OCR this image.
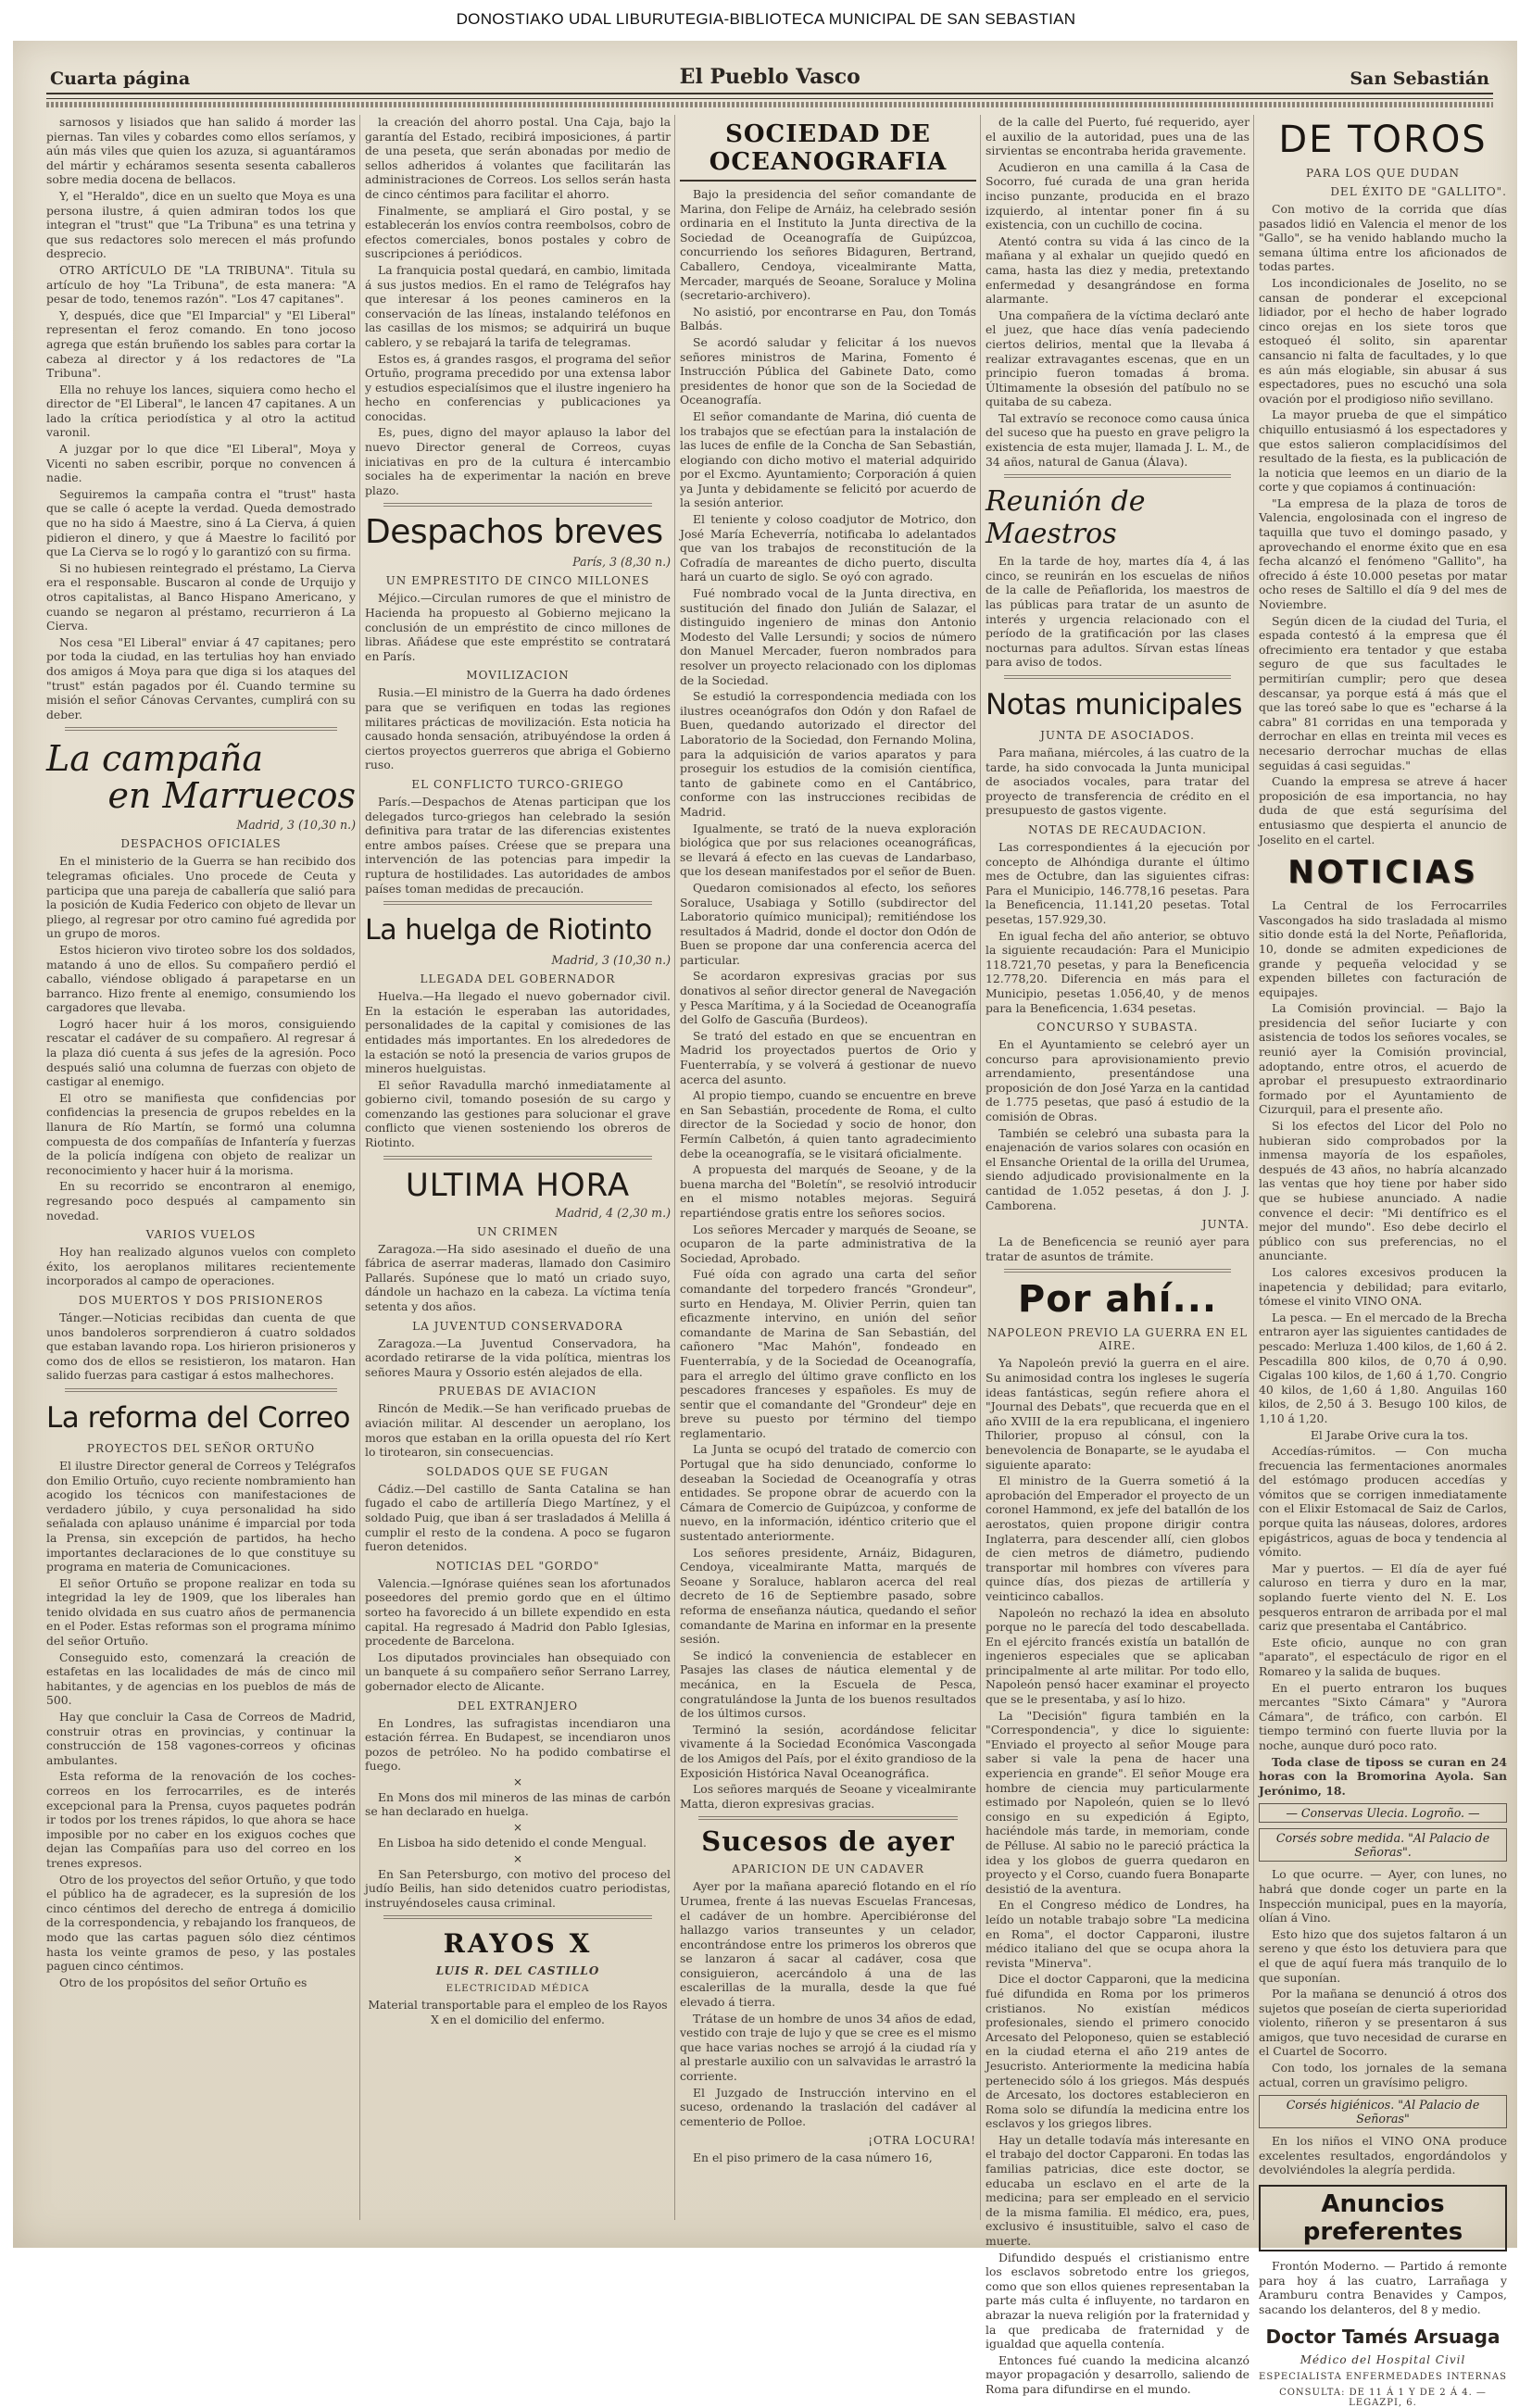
DONOSTIAKO UDAL LIBURUTEGIA-BIBLIOTECA MUNICIPAL DE SAN SEBASTIAN
Cuarta página	El Pueblo Vasco	San Sebastián

sarnosos y lisiados que han salido á morder las piernas. Tan viles y cobardes como ellos seríamos, y aún más viles que quien los azuza, si aguantáramos del mártir y echáramos sesenta sesenta caballeros sobre media docena de bellacos.

Y, el "Heraldo", dice en un suelto que Moya es una persona ilustre, á quien admiran todos los que integran el "trust" que "La Tribuna" es una tetrina y que sus redactores solo merecen el más profundo desprecio.

OTRO ARTÍCULO DE "LA TRIBUNA". Titula su artículo de hoy "La Tribuna", de esta manera: "A pesar de todo, tenemos razón". "Los 47 capitanes".

Y, después, dice que "El Imparcial" y "El Liberal" representan el feroz comando. En tono jocoso agrega que están bruñendo los sables para cortar la cabeza al director y á los redactores de "La Tribuna".

Ella no rehuye los lances, siquiera como hecho el director de "El Liberal", le lancen 47 capitanes. A un lado la crítica periodística y al otro la actitud varonil.

A juzgar por lo que dice "El Liberal", Moya y Vicenti no saben escribir, porque no convencen á nadie.

Seguiremos la campaña contra el "trust" hasta que se calle ó acepte la verdad. Queda demostrado que no ha sido á Maestre, sino á La Cierva, á quien pidieron el dinero, y que á Maestre lo facilitó por que La Cierva se lo rogó y lo garantizó con su firma.

Si no hubiesen reintegrado el préstamo, La Cierva era el responsable. Buscaron al conde de Urquijo y otros capitalistas, al Banco Hispano Americano, y cuando se negaron al préstamo, recurrieron á La Cierva.

Nos cesa "El Liberal" enviar á 47 capitanes; pero por toda la ciudad, en las tertulias hoy han enviado dos amigos á Moya para que diga si los ataques del "trust" están pagados por él. Cuando termine su misión el señor Cánovas Cervantes, cumplirá con su deber.

La campaña
en Marruecos
Madrid, 3 (10,30 n.)
DESPACHOS OFICIALES

En el ministerio de la Guerra se han recibido dos telegramas oficiales. Uno procede de Ceuta y participa que una pareja de caballería que salió para la posición de Kudia Federico con objeto de llevar un pliego, al regresar por otro camino fué agredida por un grupo de moros.

Estos hicieron vivo tiroteo sobre los dos soldados, matando á uno de ellos. Su compañero perdió el caballo, viéndose obligado á parapetarse en un barranco. Hizo frente al enemigo, consumiendo los cargadores que llevaba.

Logró hacer huir á los moros, consiguiendo rescatar el cadáver de su compañero. Al regresar á la plaza dió cuenta á sus jefes de la agresión. Poco después salió una columna de fuerzas con objeto de castigar al enemigo.

El otro se manifiesta que confidencias por confidencias la presencia de grupos rebeldes en la llanura de Río Martín, se formó una columna compuesta de dos compañías de Infantería y fuerzas de la policía indígena con objeto de realizar un reconocimiento y hacer huir á la morisma.

En su recorrido se encontraron al enemigo, regresando poco después al campamento sin novedad.

VARIOS VUELOS

Hoy han realizado algunos vuelos con completo éxito, los aeroplanos militares recientemente incorporados al campo de operaciones.

DOS MUERTOS Y DOS PRISIONEROS

Tánger.—Noticias recibidas dan cuenta de que unos bandoleros sorprendieron á cuatro soldados que estaban lavando ropa. Los hirieron prisioneros y como dos de ellos se resistieron, los mataron. Han salido fuerzas para castigar á estos malhechores.

La reforma del Correo
PROYECTOS DEL SEÑOR ORTUÑO

El ilustre Director general de Correos y Telégrafos don Emilio Ortuño, cuyo reciente nombramiento han acogido los técnicos con manifestaciones de verdadero júbilo, y cuya personalidad ha sido señalada con aplauso unánime é imparcial por toda la Prensa, sin excepción de partidos, ha hecho importantes declaraciones de lo que constituye su programa en materia de Comunicaciones.

El señor Ortuño se propone realizar en toda su integridad la ley de 1909, que los liberales han tenido olvidada en sus cuatro años de permanencia en el Poder. Estas reformas son el programa mínimo del señor Ortuño.

Conseguido esto, comenzará la creación de estafetas en las localidades de más de cinco mil habitantes, y de agencias en los pueblos de más de 500.

Hay que concluir la Casa de Correos de Madrid, construir otras en provincias, y continuar la construcción de 158 vagones-correos y oficinas ambulantes.

Esta reforma de la renovación de los coches-correos en los ferrocarriles, es de interés excepcional para la Prensa, cuyos paquetes podrán ir todos por los trenes rápidos, lo que ahora se hace imposible por no caber en los exiguos coches que dejan las Compañías para uso del correo en los trenes expresos.

Otro de los proyectos del señor Ortuño, y que todo el público ha de agradecer, es la supresión de los cinco céntimos del derecho de entrega á domicilio de la correspondencia, y rebajando los franqueos, de modo que las cartas paguen sólo diez céntimos hasta los veinte gramos de peso, y las postales paguen cinco céntimos.

Otro de los propósitos del señor Ortuño es

la creación del ahorro postal. Una Caja, bajo la garantía del Estado, recibirá imposiciones, á partir de una peseta, que serán abonadas por medio de sellos adheridos á volantes que facilitarán las administraciones de Correos. Los sellos serán hasta de cinco céntimos para facilitar el ahorro.

Finalmente, se ampliará el Giro postal, y se establecerán los envíos contra reembolsos, cobro de efectos comerciales, bonos postales y cobro de suscripciones á periódicos.

La franquicia postal quedará, en cambio, limitada á sus justos medios. En el ramo de Telégrafos hay que interesar á los peones camineros en la conservación de las líneas, instalando teléfonos en las casillas de los mismos; se adquirirá un buque cablero, y se rebajará la tarifa de telegramas.

Estos es, á grandes rasgos, el programa del señor Ortuño, programa precedido por una extensa labor y estudios especialísimos que el ilustre ingeniero ha hecho en conferencias y publicaciones ya conocidas.

Es, pues, digno del mayor aplauso la labor del nuevo Director general de Correos, cuyas iniciativas en pro de la cultura é intercambio sociales ha de experimentar la nación en breve plazo.

Despachos breves
París, 3 (8,30 n.)
UN EMPRESTITO DE CINCO MILLONES

Méjico.—Circulan rumores de que el ministro de Hacienda ha propuesto al Gobierno mejicano la conclusión de un empréstito de cinco millones de libras. Añádese que este empréstito se contratará en París.

MOVILIZACION

Rusia.—El ministro de la Guerra ha dado órdenes para que se verifiquen en todas las regiones militares prácticas de movilización. Esta noticia ha causado honda sensación, atribuyéndose la orden á ciertos proyectos guerreros que abriga el Gobierno ruso.

EL CONFLICTO TURCO-GRIEGO

París.—Despachos de Atenas participan que los delegados turco-griegos han celebrado la sesión definitiva para tratar de las diferencias existentes entre ambos países. Créese que se prepara una intervención de las potencias para impedir la ruptura de hostilidades. Las autoridades de ambos países toman medidas de precaución.

La huelga de Riotinto
Madrid, 3 (10,30 n.)
LLEGADA DEL GOBERNADOR

Huelva.—Ha llegado el nuevo gobernador civil. En la estación le esperaban las autoridades, personalidades de la capital y comisiones de las entidades más importantes. En los alrededores de la estación se notó la presencia de varios grupos de mineros huelguistas.

El señor Ravadulla marchó inmediatamente al gobierno civil, tomando posesión de su cargo y comenzando las gestiones para solucionar el grave conflicto que vienen sosteniendo los obreros de Riotinto.

ULTIMA HORA
Madrid, 4 (2,30 m.)
UN CRIMEN

Zaragoza.—Ha sido asesinado el dueño de una fábrica de aserrar maderas, llamado don Casimiro Pallarés. Supónese que lo mató un criado suyo, dándole un hachazo en la cabeza. La víctima tenía setenta y dos años.

LA JUVENTUD CONSERVADORA

Zaragoza.—La Juventud Conservadora, ha acordado retirarse de la vida política, mientras los señores Maura y Ossorio estén alejados de ella.

PRUEBAS DE AVIACION

Rincón de Medik.—Se han verificado pruebas de aviación militar. Al descender un aeroplano, los moros que estaban en la orilla opuesta del río Kert lo tirotearon, sin consecuencias.

SOLDADOS QUE SE FUGAN

Cádiz.—Del castillo de Santa Catalina se han fugado el cabo de artillería Diego Martínez, y el soldado Puig, que iban á ser trasladados á Melilla á cumplir el resto de la condena. A poco se fugaron fueron detenidos.

NOTICIAS DEL "GORDO"

Valencia.—Ignórase quiénes sean los afortunados poseedores del premio gordo que en el último sorteo ha favorecido á un billete expendido en esta capital. Ha regresado á Madrid don Pablo Iglesias, procedente de Barcelona.

Los diputados provinciales han obsequiado con un banquete á su compañero señor Serrano Larrey, gobernador electo de Alicante.

DEL EXTRANJERO

En Londres, las sufragistas incendiaron una estación férrea. En Budapest, se incendiaron unos pozos de petróleo. No ha podido combatirse el fuego.

×

En Mons dos mil mineros de las minas de carbón se han declarado en huelga.

×

En Lisboa ha sido detenido el conde Mengual.

×

En San Petersburgo, con motivo del proceso del judío Beilis, han sido detenidos cuatro periodistas, instruyéndoseles causa criminal.

RAYOS X
LUIS R. DEL CASTILLO
ELECTRICIDAD MÉDICA

Material transportable para el empleo de los Rayos X en el domicilio del enfermo.

SOCIEDAD DE OCEANOGRAFIA

Bajo la presidencia del señor comandante de Marina, don Felipe de Arnáiz, ha celebrado sesión ordinaria en el Instituto la Junta directiva de la Sociedad de Oceanografía de Guipúzcoa, concurriendo los señores Bidaguren, Bertrand, Caballero, Cendoya, vicealmirante Matta, Mercader, marqués de Seoane, Soraluce y Molina (secretario-archivero).

No asistió, por encontrarse en Pau, don Tomás Balbás.

Se acordó saludar y felicitar á los nuevos señores ministros de Marina, Fomento é Instrucción Pública del Gabinete Dato, como presidentes de honor que son de la Sociedad de Oceanografía.

El señor comandante de Marina, dió cuenta de los trabajos que se efectúan para la instalación de las luces de enfile de la Concha de San Sebastián, elogiando con dicho motivo el material adquirido por el Excmo. Ayuntamiento; Corporación á quien ya Junta y debidamente se felicitó por acuerdo de la sesión anterior.

El teniente y coloso coadjutor de Motrico, don José María Echeverría, notificaba lo adelantados que van los trabajos de reconstitución de la Cofradía de mareantes de dicho puerto, disculta hará un cuarto de siglo. Se oyó con agrado.

Fué nombrado vocal de la Junta directiva, en sustitución del finado don Julián de Salazar, el distinguido ingeniero de minas don Antonio Modesto del Valle Lersundi; y socios de número don Manuel Mercader, fueron nombrados para resolver un proyecto relacionado con los diplomas de la Sociedad.

Se estudió la correspondencia mediada con los ilustres oceanógrafos don Odón y don Rafael de Buen, quedando autorizado el director del Laboratorio de la Sociedad, don Fernando Molina, para la adquisición de varios aparatos y para proseguir los estudios de la comisión científica, tanto de gabinete como en el Cantábrico, conforme con las instrucciones recibidas de Madrid.

Igualmente, se trató de la nueva exploración biológica que por sus relaciones oceanográficas, se llevará á efecto en las cuevas de Landarbaso, que los desean manifestados por el señor de Buen.

Quedaron comisionados al efecto, los señores Soraluce, Usabiaga y Sotillo (subdirector del Laboratorio químico municipal); remitiéndose los resultados á Madrid, donde el doctor don Odón de Buen se propone dar una conferencia acerca del particular.

Se acordaron expresivas gracias por sus donativos al señor director general de Navegación y Pesca Marítima, y á la Sociedad de Oceanografía del Golfo de Gascuña (Burdeos).

Se trató del estado en que se encuentran en Madrid los proyectados puertos de Orio y Fuenterrabía, y se volverá á gestionar de nuevo acerca del asunto.

Al propio tiempo, cuando se encuentre en breve en San Sebastián, procedente de Roma, el culto director de la Sociedad y socio de honor, don Fermín Calbetón, á quien tanto agradecimiento debe la oceanografía, se le visitará oficialmente.

A propuesta del marqués de Seoane, y de la buena marcha del "Boletín", se resolvió introducir en el mismo notables mejoras. Seguirá repartiéndose gratis entre los señores socios.

Los señores Mercader y marqués de Seoane, se ocuparon de la parte administrativa de la Sociedad, Aprobado.

Fué oída con agrado una carta del señor comandante del torpedero francés "Grondeur", surto en Hendaya, M. Olivier Perrin, quien tan eficazmente intervino, en unión del señor comandante de Marina de San Sebastián, del cañonero "Mac Mahón", fondeado en Fuenterrabía, y de la Sociedad de Oceanografía, para el arreglo del último grave conflicto en los pescadores franceses y españoles. Es muy de sentir que el comandante del "Grondeur" deje en breve su puesto por término del tiempo reglamentario.

La Junta se ocupó del tratado de comercio con Portugal que ha sido denunciado, conforme lo deseaban la Sociedad de Oceanografía y otras entidades. Se propone obrar de acuerdo con la Cámara de Comercio de Guipúzcoa, y conforme de nuevo, en la información, idéntico criterio que el sustentado anteriormente.

Los señores presidente, Arnáiz, Bidaguren, Cendoya, vicealmirante Matta, marqués de Seoane y Soraluce, hablaron acerca del real decreto de 16 de Septiembre pasado, sobre reforma de enseñanza náutica, quedando el señor comandante de Marina en informar en la presente sesión.

Se indicó la conveniencia de establecer en Pasajes las clases de náutica elemental y de mecánica, en la Escuela de Pesca, congratulándose la Junta de los buenos resultados de los últimos cursos.

Terminó la sesión, acordándose felicitar vivamente á la Sociedad Económica Vascongada de los Amigos del País, por el éxito grandioso de la Exposición Histórica Naval Oceanográfica.

Los señores marqués de Seoane y vicealmirante Matta, dieron expresivas gracias.

Sucesos de ayer
APARICION DE UN CADAVER

Ayer por la mañana apareció flotando en el río Urumea, frente á las nuevas Escuelas Francesas, el cadáver de un hombre. Apercibiéronse del hallazgo varios transeuntes y un celador, encontrándose entre los primeros los obreros que se lanzaron á sacar al cadáver, cosa que consiguieron, acercándolo á una de las escalerillas de la muralla, desde la que fué elevado á tierra.

Trátase de un hombre de unos 34 años de edad, vestido con traje de lujo y que se cree es el mismo que hace varias noches se arrojó á la ciudad ría y al prestarle auxilio con un salvavidas le arrastró la corriente.

El Juzgado de Instrucción intervino en el suceso, ordenando la traslación del cadáver al cementerio de Polloe.

¡OTRA LOCURA!

En el piso primero de la casa número 16,

de la calle del Puerto, fué requerido, ayer el auxilio de la autoridad, pues una de las sirvientas se encontraba herida gravemente.

Acudieron en una camilla á la Casa de Socorro, fué curada de una gran herida inciso punzante, producida en el brazo izquierdo, al intentar poner fin á su existencia, con un cuchillo de cocina.

Atentó contra su vida á las cinco de la mañana y al exhalar un quejido quedó en cama, hasta las diez y media, pretextando enfermedad y desangrándose en forma alarmante.

Una compañera de la víctima declaró ante el juez, que hace días venía padeciendo ciertos delirios, mental que la llevaba á realizar extravagantes escenas, que en un principio fueron tomadas á broma. Últimamente la obsesión del patíbulo no se quitaba de su cabeza.

Tal extravío se reconoce como causa única del suceso que ha puesto en grave peligro la existencia de esta mujer, llamada J. L. M., de 34 años, natural de Ganua (Álava).

Reunión de Maestros

En la tarde de hoy, martes día 4, á las cinco, se reunirán en los escuelas de niños de la calle de Peñaflorida, los maestros de las públicas para tratar de un asunto de interés y urgencia relacionado con el período de la gratificación por las clases nocturnas para adultos. Sírvan estas líneas para aviso de todos.

Notas municipales
JUNTA DE ASOCIADOS.

Para mañana, miércoles, á las cuatro de la tarde, ha sido convocada la Junta municipal de asociados vocales, para tratar del proyecto de transferencia de crédito en el presupuesto de gastos vigente.

NOTAS DE RECAUDACION.

Las correspondientes á la ejecución por concepto de Alhóndiga durante el último mes de Octubre, dan las siguientes cifras: Para el Municipio, 146.778,16 pesetas. Para la Beneficencia, 11.141,20 pesetas. Total pesetas, 157.929,30.

En igual fecha del año anterior, se obtuvo la siguiente recaudación: Para el Municipio 118.721,70 pesetas, y para la Beneficencia 12.778,20. Diferencia en más para el Municipio, pesetas 1.056,40, y de menos para la Beneficencia, 1.634 pesetas.

CONCURSO Y SUBASTA.

En el Ayuntamiento se celebró ayer un concurso para aprovisionamiento previo arrendamiento, presentándose una proposición de don José Yarza en la cantidad de 1.775 pesetas, que pasó á estudio de la comisión de Obras.

También se celebró una subasta para la enajenación de varios solares con ocasión en el Ensanche Oriental de la orilla del Urumea, siendo adjudicado provisionalmente en la cantidad de 1.052 pesetas, á don J. J. Camborena.

JUNTA.

La de Beneficencia se reunió ayer para tratar de asuntos de trámite.

Por ahí...
NAPOLEON PREVIO LA GUERRA EN EL AIRE.

Ya Napoleón previó la guerra en el aire. Su animosidad contra los ingleses le sugería ideas fantásticas, según refiere ahora el "Journal des Debats", que recuerda que en el año XVIII de la era republicana, el ingeniero Thilorier, propuso al cónsul, con la benevolencia de Bonaparte, se le ayudaba el siguiente aparato:

El ministro de la Guerra sometió á la aprobación del Emperador el proyecto de un coronel Hammond, ex jefe del batallón de los aerostatos, quien propone dirigir contra Inglaterra, para descender allí, cien globos de cien metros de diámetro, pudiendo transportar mil hombres con víveres para quince días, dos piezas de artillería y veinticinco caballos.

Napoleón no rechazó la idea en absoluto porque no le parecía del todo descabellada. En el ejército francés existía un batallón de ingenieros especiales que se aplicaban principalmente al arte militar. Por todo ello, Napoleón pensó hacer examinar el proyecto que se le presentaba, y así lo hizo.

La "Decisión" figura también en la "Correspondencia", y dice lo siguiente: "Enviado el proyecto al señor Mouge para saber si vale la pena de hacer una experiencia en grande". El señor Mouge era hombre de ciencia muy particularmente estimado por Napoleón, quien se lo llevó consigo en su expedición á Egipto, haciéndole más tarde, in memoriam, conde de Pélluse. Al sabio no le pareció práctica la idea y los globos de guerra quedaron en proyecto y el Corso, cuando fuera Bonaparte desistió de la aventura.

En el Congreso médico de Londres, ha leído un notable trabajo sobre "La medicina en Roma", el doctor Capparoni, ilustre médico italiano del que se ocupa ahora la revista "Minerva".

Dice el doctor Capparoni, que la medicina fué difundida en Roma por los primeros cristianos. No existían médicos profesionales, siendo el primero conocido Arcesato del Peloponeso, quien se estableció en la ciudad eterna el año 219 antes de Jesucristo. Anteriormente la medicina había pertenecido sólo á los griegos. Más después de Arcesato, los doctores establecieron en Roma solo se difundía la medicina entre los esclavos y los griegos libres.

Hay un detalle todavía más interesante en el trabajo del doctor Capparoni. En todas las familias patricias, dice este doctor, se educaba un esclavo en el arte de la medicina; para ser empleado en el servicio de la misma familia. El médico, era, pues, exclusivo é insustituible, salvo el caso de muerte.

Difundido después el cristianismo entre los esclavos sobretodo entre los griegos, como que son ellos quienes representaban la parte más culta é influyente, no tardaron en abrazar la nueva religión por la fraternidad y la que predicaba de fraternidad y de igualdad que aquella contenía.

Entonces fué cuando la medicina alcanzó mayor propagación y desarrollo, saliendo de Roma para difundirse en el mundo.

DE TOROS
PARA LOS QUE DUDAN
DEL ÉXITO DE "GALLITO".

Con motivo de la corrida que días pasados lidió en Valencia el menor de los "Gallo", se ha venido hablando mucho la semana última entre los aficionados de todas partes.

Los incondicionales de Joselito, no se cansan de ponderar el excepcional lidiador, por el hecho de haber logrado cinco orejas en los siete toros que estoqueó él solito, sin aparentar cansancio ni falta de facultades, y lo que es aún más elogiable, sin abusar á sus espectadores, pues no escuchó una sola ovación por el prodigioso niño sevillano.

La mayor prueba de que el simpático chiquillo entusiasmó á los espectadores y que estos salieron complacidísimos del resultado de la fiesta, es la publicación de la noticia que leemos en un diario de la corte y que copiamos á continuación:

"La empresa de la plaza de toros de Valencia, engolosinada con el ingreso de taquilla que tuvo el domingo pasado, y aprovechando el enorme éxito que en esa fecha alcanzó el fenómeno "Gallito", ha ofrecido á éste 10.000 pesetas por matar ocho reses de Saltillo el día 9 del mes de Noviembre.

Según dicen de la ciudad del Turia, el espada contestó á la empresa que él ofrecimiento era tentador y que estaba seguro de que sus facultades le permitirían cumplir; pero que desea descansar, ya porque está á más que el que las toreó sabe lo que es "echarse á la cabra" 81 corridas en una temporada y derrochar en ellas en treinta mil veces es necesario derrochar muchas de ellas seguidas á casi seguidas."

Cuando la empresa se atreve á hacer proposición de esa importancia, no hay duda de que está segurísima del entusiasmo que despierta el anuncio de Joselito en el cartel.

NOTICIAS

La Central de los Ferrocarriles Vascongados ha sido trasladada al mismo sitio donde está la del Norte, Peñaflorida, 10, donde se admiten expediciones de grande y pequeña velocidad y se expenden billetes con facturación de equipajes.

La Comisión provincial. — Bajo la presidencia del señor Iuciarte y con asistencia de todos los señores vocales, se reunió ayer la Comisión provincial, adoptando, entre otros, el acuerdo de aprobar el presupuesto extraordinario formado por el Ayuntamiento de Cizurquil, para el presente año.

Si los efectos del Licor del Polo no hubieran sido comprobados por la inmensa mayoría de los españoles, después de 43 años, no habría alcanzado las ventas que hoy tiene por haber sido que se hubiese anunciado. A nadie convence el decir: "Mi dentífrico es el mejor del mundo". Eso debe decirlo el público con sus preferencias, no el anunciante.

Los calores excesivos producen la inapetencia y debilidad; para evitarlo, tómese el vinito VINO ONA.

La pesca. — En el mercado de la Brecha entraron ayer las siguientes cantidades de pescado: Merluza 1.400 kilos, de 1,60 á 2. Pescadilla 800 kilos, de 0,70 á 0,90. Cigalas 100 kilos, de 1,60 á 1,70. Congrio 40 kilos, de 1,60 á 1,80. Anguilas 160 kilos, de 2,50 á 3. Besugo 100 kilos, de 1,10 á 1,20.

El Jarabe Orive cura la tos.

Accedías-rúmitos. — Con mucha frecuencia las fermentaciones anormales del estómago producen accedías y vómitos que se corrigen inmediatamente con el Elixir Estomacal de Saiz de Carlos, porque quita las náuseas, dolores, ardores epigástricos, aguas de boca y tendencia al vómito.

Mar y puertos. — El día de ayer fué caluroso en tierra y duro en la mar, soplando fuerte viento del N. E. Los pesqueros entraron de arribada por el mal cariz que presentaba el Cantábrico.

Este oficio, aunque no con gran "aparato", el espectáculo de rigor en el Romareo y la salida de buques.

En el puerto entraron los buques mercantes "Sixto Cámara" y "Aurora Cámara", de tráfico, con carbón. El tiempo terminó con fuerte lluvia por la noche, aunque duró poco rato.

Toda clase de tiposs se curan en 24 horas con la Bromorina Ayola. San Jerónimo, 18.

— Conservas Ulecia. Logroño. —
Corsés sobre medida. "Al Palacio de Señoras".

Lo que ocurre. — Ayer, con lunes, no habrá que donde coger un parte en la Inspección municipal, pues en la mayoría, olían á Vino.

Esto hizo que dos sujetos faltaron á un sereno y que ésto los detuviera para que el que de aquí fuera más tranquilo de lo que suponían.

Por la mañana se denunció á otros dos sujetos que poseían de cierta superioridad violento, riñeron y se presentaron á sus amigos, que tuvo necesidad de curarse en el Cuartel de Socorro.

Con todo, los jornales de la semana actual, corren un gravísimo peligro.

Corsés higiénicos. "Al Palacio de Señoras"

En los niños el VINO ONA produce excelentes resultados, engordándolos y devolviéndoles la alegría perdida.

Anuncios preferentes

Frontón Moderno. — Partido á remonte para hoy á las cuatro, Larrañaga y Aramburu contra Benavides y Campos, sacando los delanteros, del 8 y medio.

Doctor Tamés Arsuaga
Médico del Hospital Civil
ESPECIALISTA ENFERMEDADES INTERNAS
CONSULTA: DE 11 Á 1 Y DE 2 Á 4. — LEGAZPI, 6.
